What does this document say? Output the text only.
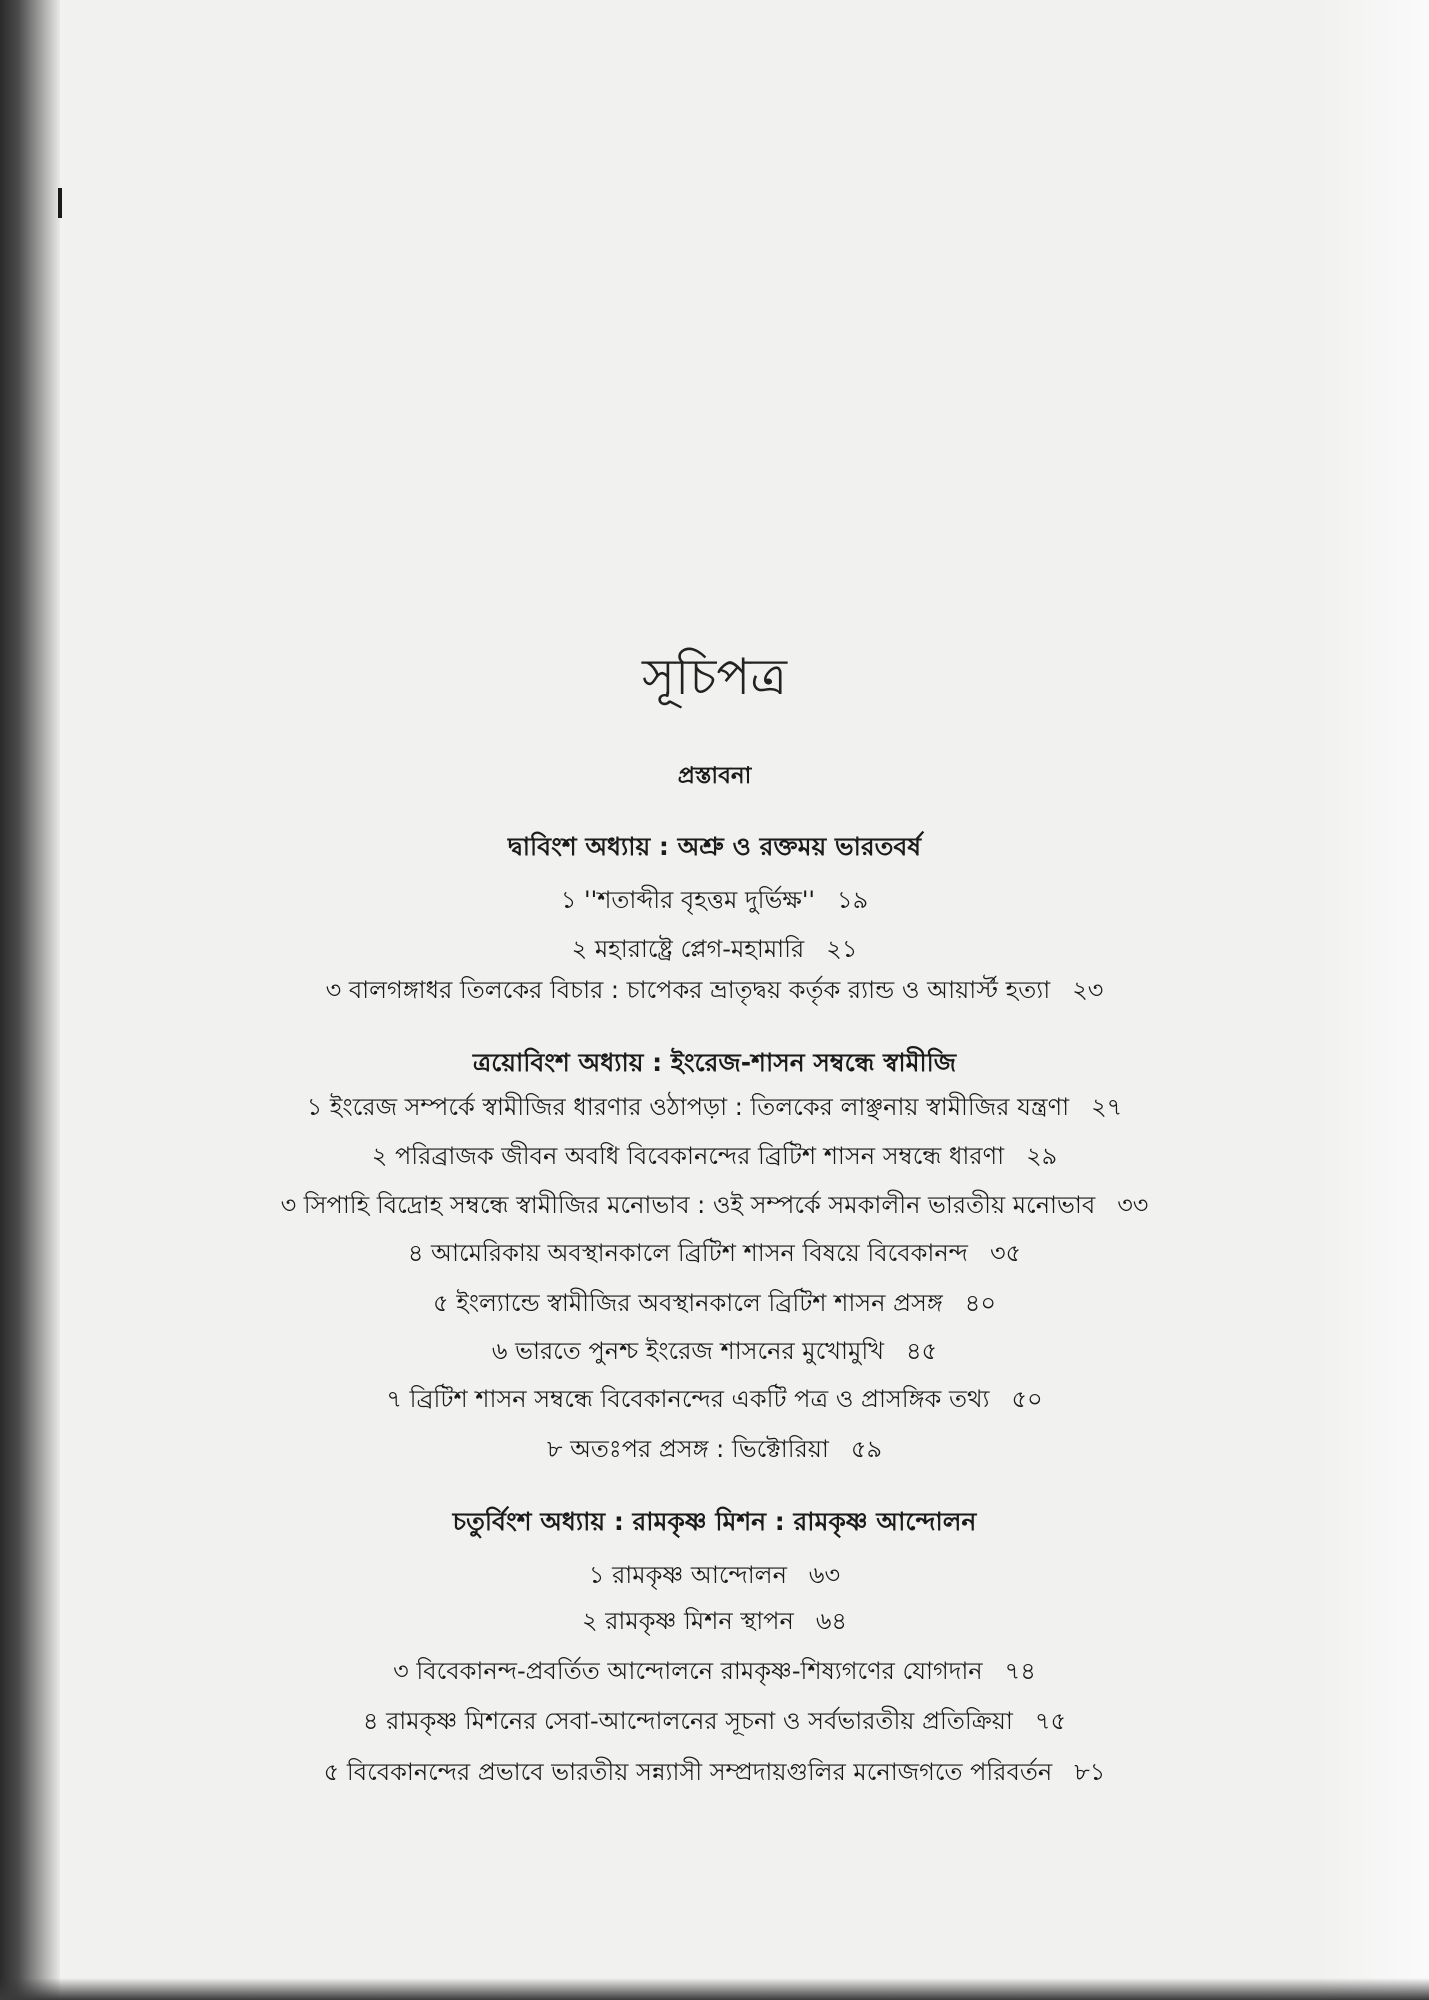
সূচিপত্র
প্রস্তাবনা
দ্বাবিংশ অধ্যায় : অশ্রু ও রক্তময় ভারতবর্ষ
১ ''শতাব্দীর বৃহত্তম দুর্ভিক্ষ'' ১৯
২ মহারাষ্ট্রে প্লেগ-মহামারি ২১
৩ বালগঙ্গাধর তিলকের বিচার : চাপেকর ভ্রাতৃদ্বয় কর্তৃক র‍্যান্ড ও আয়ার্স্ট হত্যা ২৩
ত্রয়োবিংশ অধ্যায় : ইংরেজ-শাসন সম্বন্ধে স্বামীজি
১ ইংরেজ সম্পর্কে স্বামীজির ধারণার ওঠাপড়া : তিলকের লাঞ্ছনায় স্বামীজির যন্ত্রণা ২৭
২ পরিব্রাজক জীবন অবধি বিবেকানন্দের ব্রিটিশ শাসন সম্বন্ধে ধারণা ২৯
৩ সিপাহি বিদ্রোহ সম্বন্ধে স্বামীজির মনোভাব : ওই সম্পর্কে সমকালীন ভারতীয় মনোভাব ৩৩
৪ আমেরিকায় অবস্থানকালে ব্রিটিশ শাসন বিষয়ে বিবেকানন্দ ৩৫
৫ ইংল্যান্ডে স্বামীজির অবস্থানকালে ব্রিটিশ শাসন প্রসঙ্গ ৪০
৬ ভারতে পুনশ্চ ইংরেজ শাসনের মুখোমুখি ৪৫
৭ ব্রিটিশ শাসন সম্বন্ধে বিবেকানন্দের একটি পত্র ও প্রাসঙ্গিক তথ্য ৫০
৮ অতঃপর প্রসঙ্গ : ভিক্টোরিয়া ৫৯
চতুর্বিংশ অধ্যায় : রামকৃষ্ণ মিশন : রামকৃষ্ণ আন্দোলন
১ রামকৃষ্ণ আন্দোলন ৬৩
২ রামকৃষ্ণ মিশন স্থাপন ৬৪
৩ বিবেকানন্দ-প্রবর্তিত আন্দোলনে রামকৃষ্ণ-শিষ্যগণের যোগদান ৭৪
৪ রামকৃষ্ণ মিশনের সেবা-আন্দোলনের সূচনা ও সর্বভারতীয় প্রতিক্রিয়া ৭৫
৫ বিবেকানন্দের প্রভাবে ভারতীয় সন্ন্যাসী সম্প্রদায়গুলির মনোজগতে পরিবর্তন ৮১
